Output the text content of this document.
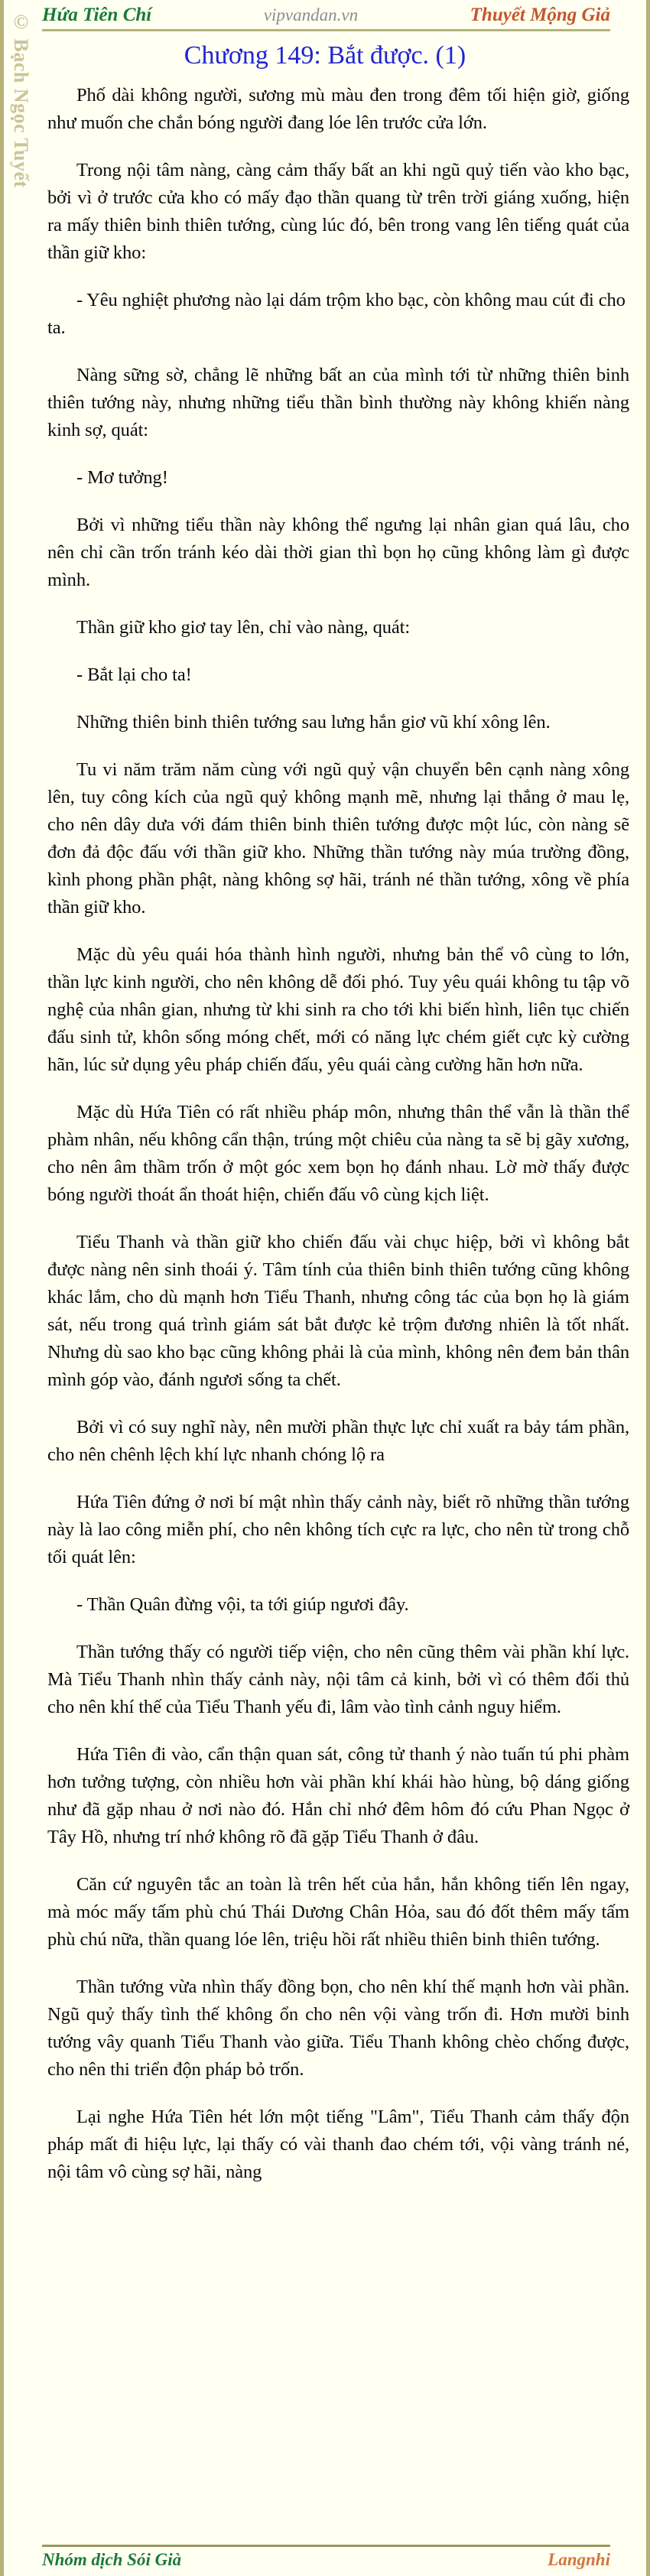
© Bạch Ngọc Tuyết Hứa Tiên Chí	vipvandan.vn	Thuyết Mộng Giả
Chương 149: Bắt được. (1)

Phố dài không người, sương mù màu đen trong đêm tối hiện giờ, giống như muốn che chắn bóng người đang lóe lên trước cửa lớn.

Trong nội tâm nàng, càng cảm thấy bất an khi ngũ quỷ tiến vào kho bạc, bởi vì ở trước cửa kho có mấy đạo thần quang từ trên trời giáng xuống, hiện ra mấy thiên binh thiên tướng, cùng lúc đó, bên trong vang lên tiếng quát của thần giữ kho:

- Yêu nghiệt phương nào lại dám trộm kho bạc, còn không mau cút đi cho ta.

Nàng sững sờ, chẳng lẽ những bất an của mình tới từ những thiên binh thiên tướng này, nhưng những tiểu thần bình thường này không khiến nàng kinh sợ, quát:

- Mơ tưởng!

Bởi vì những tiểu thần này không thể ngưng lại nhân gian quá lâu, cho nên chỉ cần trốn tránh kéo dài thời gian thì bọn họ cũng không làm gì được mình.

Thần giữ kho giơ tay lên, chỉ vào nàng, quát:

- Bắt lại cho ta!

Những thiên binh thiên tướng sau lưng hắn giơ vũ khí xông lên.

Tu vi năm trăm năm cùng với ngũ quỷ vận chuyển bên cạnh nàng xông lên, tuy công kích của ngũ quỷ không mạnh mẽ, nhưng lại thắng ở mau lẹ, cho nên dây dưa với đám thiên binh thiên tướng được một lúc, còn nàng sẽ đơn đả độc đấu với thần giữ kho. Những thần tướng này múa trường đồng, kình phong phần phật, nàng không sợ hãi, tránh né thần tướng, xông về phía thần giữ kho.

Mặc dù yêu quái hóa thành hình người, nhưng bản thể vô cùng to lớn, thần lực kinh người, cho nên không dễ đối phó. Tuy yêu quái không tu tập võ nghệ của nhân gian, nhưng từ khi sinh ra cho tới khi biến hình, liên tục chiến đấu sinh tử, khôn sống móng chết, mới có năng lực chém giết cực kỳ cường hãn, lúc sử dụng yêu pháp chiến đấu, yêu quái càng cường hãn hơn nữa.

Mặc dù Hứa Tiên có rất nhiều pháp môn, nhưng thân thể vẫn là thần thể phàm nhân, nếu không cẩn thận, trúng một chiêu của nàng ta sẽ bị gãy xương, cho nên âm thầm trốn ở một góc xem bọn họ đánh nhau. Lờ mờ thấy được bóng người thoát ẩn thoát hiện, chiến đấu vô cùng kịch liệt.

Tiểu Thanh và thần giữ kho chiến đấu vài chục hiệp, bởi vì không bắt được nàng nên sinh thoái ý. Tâm tính của thiên binh thiên tướng cũng không khác lắm, cho dù mạnh hơn Tiểu Thanh, nhưng công tác của bọn họ là giám sát, nếu trong quá trình giám sát bắt được kẻ trộm đương nhiên là tốt nhất. Nhưng dù sao kho bạc cũng không phải là của mình, không nên đem bản thân mình góp vào, đánh ngươi sống ta chết.

Bởi vì có suy nghĩ này, nên mười phần thực lực chỉ xuất ra bảy tám phần, cho nên chênh lệch khí lực nhanh chóng lộ ra

Hứa Tiên đứng ở nơi bí mật nhìn thấy cảnh này, biết rõ những thần tướng này là lao công miễn phí, cho nên không tích cực ra lực, cho nên từ trong chỗ tối quát lên:

- Thần Quân đừng vội, ta tới giúp ngươi đây.

Thần tướng thấy có người tiếp viện, cho nên cũng thêm vài phần khí lực. Mà Tiểu Thanh nhìn thấy cảnh này, nội tâm cả kinh, bởi vì có thêm đối thủ cho nên khí thế của Tiểu Thanh yếu đi, lâm vào tình cảnh nguy hiểm.

Hứa Tiên đi vào, cẩn thận quan sát, công tử thanh ý nào tuấn tú phi phàm hơn tưởng tượng, còn nhiều hơn vài phần khí khái hào hùng, bộ dáng giống như đã gặp nhau ở nơi nào đó. Hắn chỉ nhớ đêm hôm đó cứu Phan Ngọc ở Tây Hồ, nhưng trí nhớ không rõ đã gặp Tiểu Thanh ở đâu.

Căn cứ nguyên tắc an toàn là trên hết của hắn, hắn không tiến lên ngay, mà móc mấy tấm phù chú Thái Dương Chân Hỏa, sau đó đốt thêm mấy tấm phù chú nữa, thần quang lóe lên, triệu hồi rất nhiều thiên binh thiên tướng.

Thần tướng vừa nhìn thấy đồng bọn, cho nên khí thế mạnh hơn vài phần. Ngũ quỷ thấy tình thế không ổn cho nên vội vàng trốn đi. Hơn mười binh tướng vây quanh Tiểu Thanh vào giữa. Tiểu Thanh không chèo chống được, cho nên thi triển độn pháp bỏ trốn.

Lại nghe Hứa Tiên hét lớn một tiếng "Lâm", Tiểu Thanh cảm thấy độn pháp mất đi hiệu lực, lại thấy có vài thanh đao chém tới, vội vàng tránh né, nội tâm vô cùng sợ hãi, nàng

Nhóm dịch Sói Già	Langnhi
